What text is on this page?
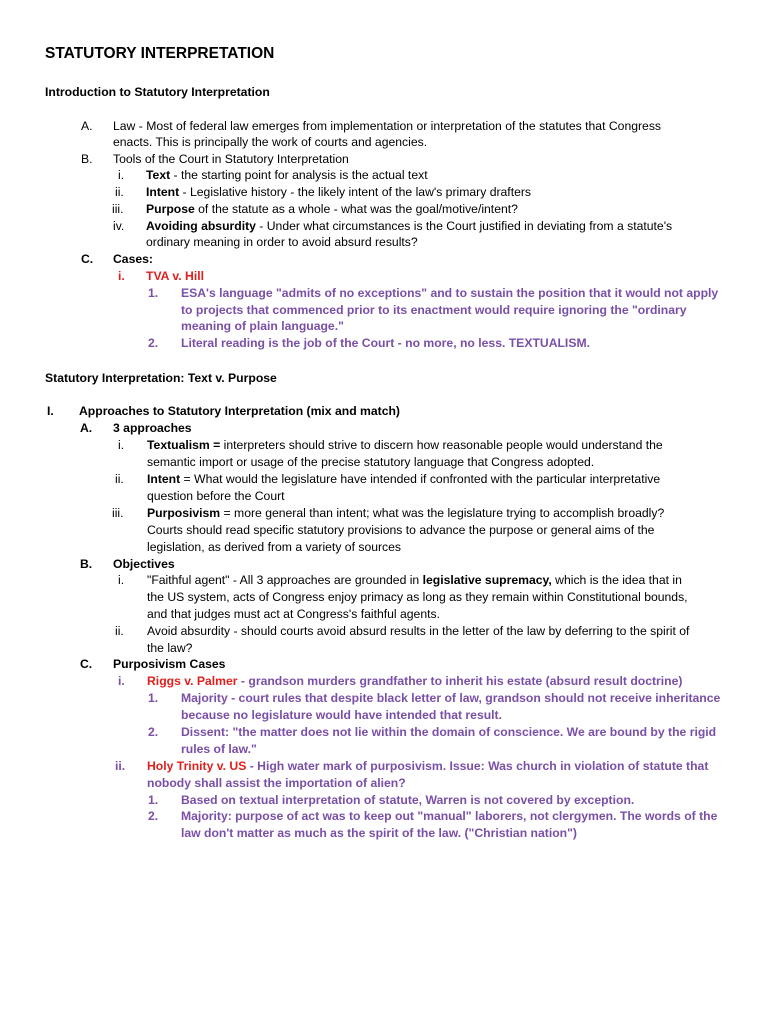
STATUTORY INTERPRETATION
Introduction to Statutory Interpretation
A. Law - Most of federal law emerges from implementation or interpretation of the statutes that Congress
enacts. This is principally the work of courts and agencies.
B. Tools of the Court in Statutory Interpretation
i. Text - the starting point for analysis is the actual text
ii. Intent - Legislative history - the likely intent of the law's primary drafters
iii. Purpose of the statute as a whole - what was the goal/motive/intent?
iv. Avoiding absurdity - Under what circumstances is the Court justified in deviating from a statute's
ordinary meaning in order to avoid absurd results?
C. Cases:
i. TVA v. Hill
1. ESA's language "admits of no exceptions" and to sustain the position that it would not apply
to projects that commenced prior to its enactment would require ignoring the "ordinary
meaning of plain language."
2. Literal reading is the job of the Court - no more, no less. TEXTUALISM.
Statutory Interpretation: Text v. Purpose
I. Approaches to Statutory Interpretation (mix and match)
A. 3 approaches
i. Textualism = interpreters should strive to discern how reasonable people would understand the
semantic import or usage of the precise statutory language that Congress adopted.
ii. Intent = What would the legislature have intended if confronted with the particular interpretative
question before the Court
iii. Purposivism = more general than intent; what was the legislature trying to accomplish broadly?
Courts should read specific statutory provisions to advance the purpose or general aims of the
legislation, as derived from a variety of sources
B. Objectives
i. "Faithful agent" - All 3 approaches are grounded in legislative supremacy, which is the idea that in
the US system, acts of Congress enjoy primacy as long as they remain within Constitutional bounds,
and that judges must act at Congress's faithful agents.
ii. Avoid absurdity - should courts avoid absurd results in the letter of the law by deferring to the spirit of
the law?
C. Purposivism Cases
i. Riggs v. Palmer - grandson murders grandfather to inherit his estate (absurd result doctrine)
1. Majority - court rules that despite black letter of law, grandson should not receive inheritance
because no legislature would have intended that result.
2. Dissent: "the matter does not lie within the domain of conscience. We are bound by the rigid
rules of law."
ii. Holy Trinity v. US - High water mark of purposivism. Issue: Was church in violation of statute that
nobody shall assist the importation of alien?
1. Based on textual interpretation of statute, Warren is not covered by exception.
2. Majority: purpose of act was to keep out "manual" laborers, not clergymen. The words of the
law don't matter as much as the spirit of the law. ("Christian nation")
